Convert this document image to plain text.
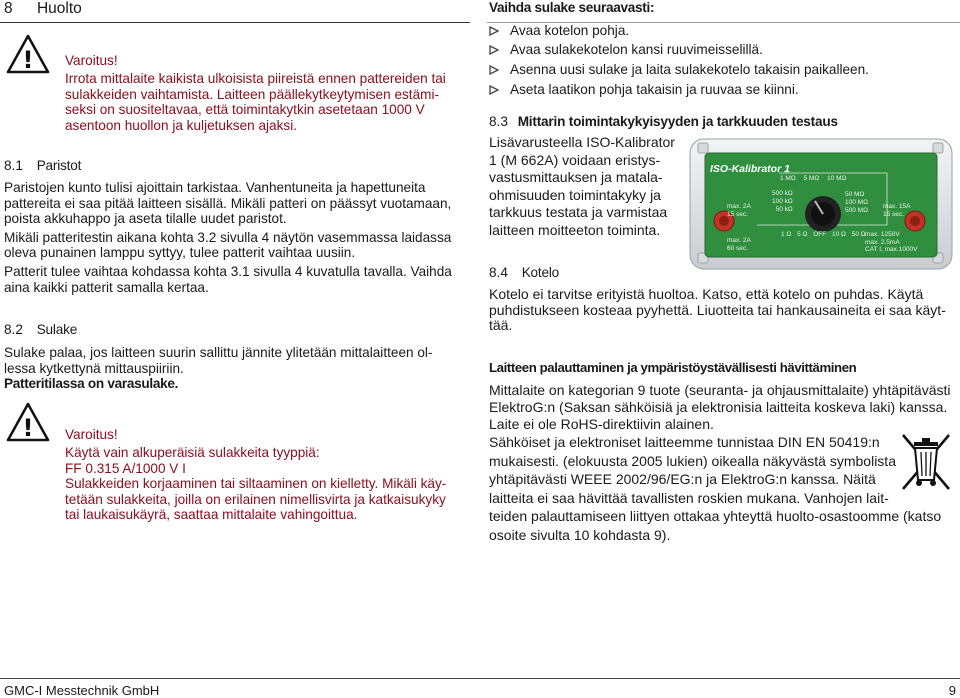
8 Huolto
! Varoitus!
Irrota mittalaite kaikista ulkoisista piireistä ennen pattereiden tai
sulakkeiden vaihtamista. Laitteen päällekytkeytymisen estämi-
seksi on suositeltavaa, että toimintakytkin asetetaan 1000 V
asentoon huollon ja kuljetuksen ajaksi.
8.1 Paristot
Paristojen kunto tulisi ajoittain tarkistaa. Vanhentuneita ja hapettuneita
pattereita ei saa pitää laitteen sisällä. Mikäli patteri on päässyt vuotamaan,
poista akkuhappo ja aseta tilalle uudet paristot.
Mikäli patteritestin aikana kohta 3.2 sivulla 4 näytön vasemmassa laidassa
oleva punainen lamppu syttyy, tulee patterit vaihtaa uusiin.
Patterit tulee vaihtaa kohdassa kohta 3.1 sivulla 4 kuvatulla tavalla. Vaihda
aina kaikki patterit samalla kertaa.
8.2 Sulake
Sulake palaa, jos laitteen suurin sallittu jännite ylitetään mittalaitteen ol-
lessa kytkettynä mittauspiiriin.
Patteritilassa on varasulake.
! Varoitus!
Käytä vain alkuperäisiä sulakkeita tyyppiä:
FF 0.315 A/1000 V I
Sulakkeiden korjaaminen tai siltaaminen on kielletty. Mikäli käy-
tetään sulakkeita, joilla on erilainen nimellisvirta ja katkaisukyky
tai laukaisukäyrä, saattaa mittalaite vahingoittua.
Vaihda sulake seuraavasti:
Avaa kotelon pohja.
Avaa sulakekotelon kansi ruuvimeisselillä.
Asenna uusi sulake ja laita sulakekotelo takaisin paikalleen.
Aseta laatikon pohja takaisin ja ruuvaa se kiinni.
8.3 Mittarin toimintakykyisyyden ja tarkkuuden testaus
Lisävarusteella ISO-Kalibrator
1 (M 662A) voidaan eristys-
vastusmittauksen ja matala-
ohmisuuden toimintakyky ja
tarkkuus testata ja varmistaa
laitteen moitteeton toiminta.
ISO-Kalibrator 1
500 kΩ
100 kΩ
50 kΩ
1 MΩ 5 MΩ 10 MΩ
50 MΩ
100 MΩ
500 MΩ
1 Ω 5 Ω OFF 10 Ω 50 Ω
max. 2A
15 sec.
max. 15A
15 sec.
max. 2A
60 sec.
max. 1250V
max. 2.5mA
CAT I, max.1000V
8.4 Kotelo
Kotelo ei tarvitse erityistä huoltoa. Katso, että kotelo on puhdas. Käytä
puhdistukseen kosteaa pyyhettä. Liuotteita tai hankausaineita ei saa käyt-
tää.
Laitteen palauttaminen ja ympäristöystävällisesti hävittäminen
Mittalaite on kategorian 9 tuote (seuranta- ja ohjausmittalaite) yhtäpitävästi
ElektroG:n (Saksan sähköisiä ja elektronisia laitteita koskeva laki) kanssa.
Laite ei ole RoHS-direktiivin alainen.
Sähköiset ja elektroniset laitteemme tunnistaa DIN EN 50419:n
mukaisesti. (elokuusta 2005 lukien) oikealla näkyvästä symbolista
yhtäpitävästi WEEE 2002/96/EG:n ja ElektroG:n kanssa. Näitä
laitteita ei saa hävittää tavallisten roskien mukana. Vanhojen lait-
teiden palauttamiseen liittyen ottakaa yhteyttä huolto-osastoomme (katso
osoite sivulta 10 kohdasta 9).
GMC-I Messtechnik GmbH	9
